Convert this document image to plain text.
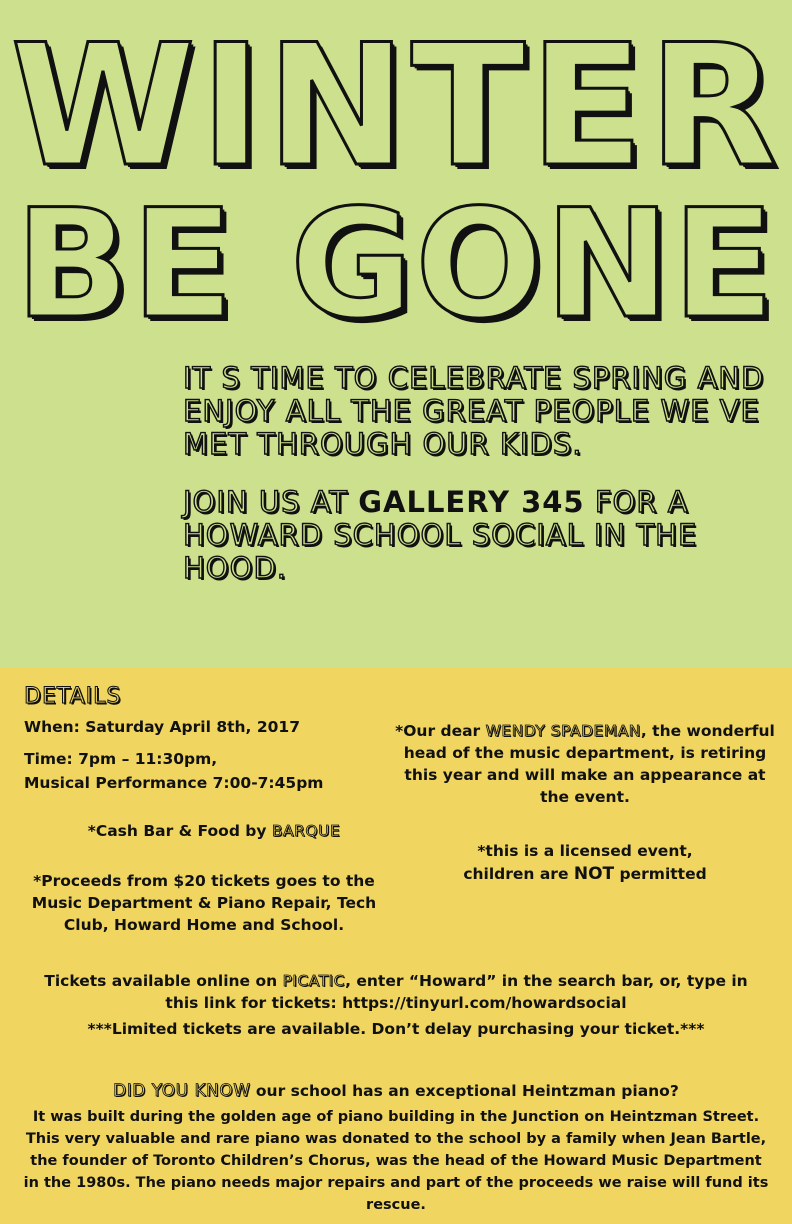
WINTER
BE GONE

IT S TIME TO CELEBRATE SPRING AND ENJOY ALL THE GREAT PEOPLE WE VE MET THROUGH OUR KIDS.

JOIN US AT GALLERY 345 FOR A HOWARD SCHOOL SOCIAL IN THE HOOD.

DETAILS

When: Saturday April 8th, 2017

Time: 7pm – 11:30pm,

Musical Performance 7:00-7:45pm

*Cash Bar & Food by BARQUE

*Proceeds from $20 tickets goes to the Music Department & Piano Repair, Tech Club, Howard Home and School.

*Our dear WENDY SPADEMAN, the wonderful head of the music department, is retiring this year and will make an appearance at the event.

*this is a licensed event,

children are NOT permitted

Tickets available online on PICATIC, enter “Howard” in the search bar, or, type in this link for tickets: https://tinyurl.com/howardsocial

***Limited tickets are available. Don’t delay purchasing your ticket.***

DID YOU KNOW our school has an exceptional Heintzman piano?

It was built during the golden age of piano building in the Junction on Heintzman Street. This very valuable and rare piano was donated to the school by a family when Jean Bartle, the founder of Toronto Children’s Chorus, was the head of the Howard Music Department in the 1980s. The piano needs major repairs and part of the proceeds we raise will fund its rescue.
